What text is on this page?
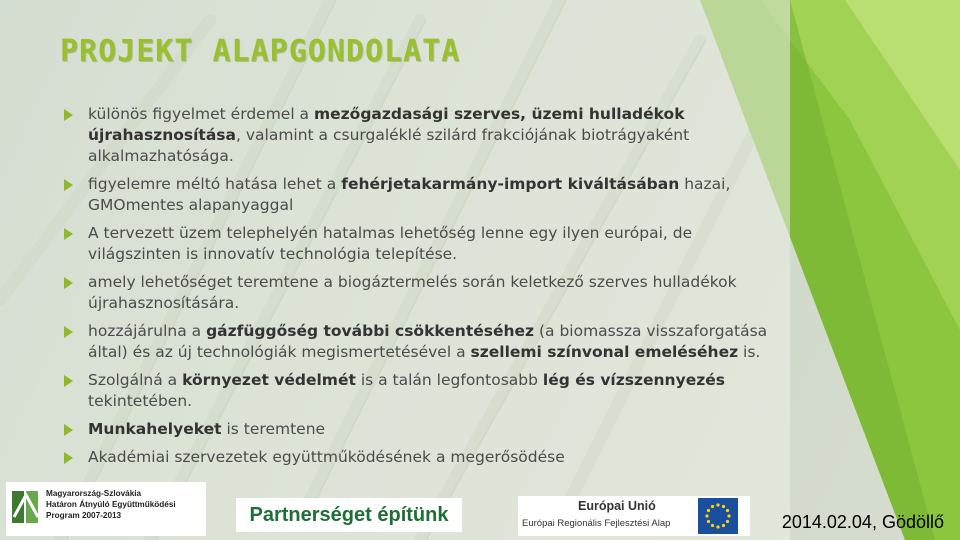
PROJEKT ALAPGONDOLATA
különös figyelmet érdemel a mezőgazdasági szerves, üzemi hulladékok újrahasznosítása, valamint a csurgaléklé szilárd frakciójának biotrágyaként alkalmazhatósága.
figyelemre méltó hatása lehet a fehérjetakarmány-import kiváltásában hazai, GMOmentes alapanyaggal
A tervezett üzem telephelyén hatalmas lehetőség lenne egy ilyen európai, de világszinten is innovatív technológia telepítése.
amely lehetőséget teremtene a biogáztermelés során keletkező szerves hulladékok újrahasznosítására.
hozzájárulna a gázfüggőség további csökkentéséhez (a biomassza visszaforgatása által) és az új technológiák megismertetésével a szellemi színvonal emeléséhez is.
Szolgálná a környezet védelmét is a talán legfontosabb lég és vízszennyezés tekintetében.
Munkahelyeket is teremtene
Akadémiai szervezetek együttműködésének a megerősödése
Magyarország-Szlovákia
Határon Átnyúló Együttműködési
Program 2007-2013	Partnerséget építünk	Európai Unió
Európai Regionális Fejlesztési Alap	2014.02.04, Gödöllő
